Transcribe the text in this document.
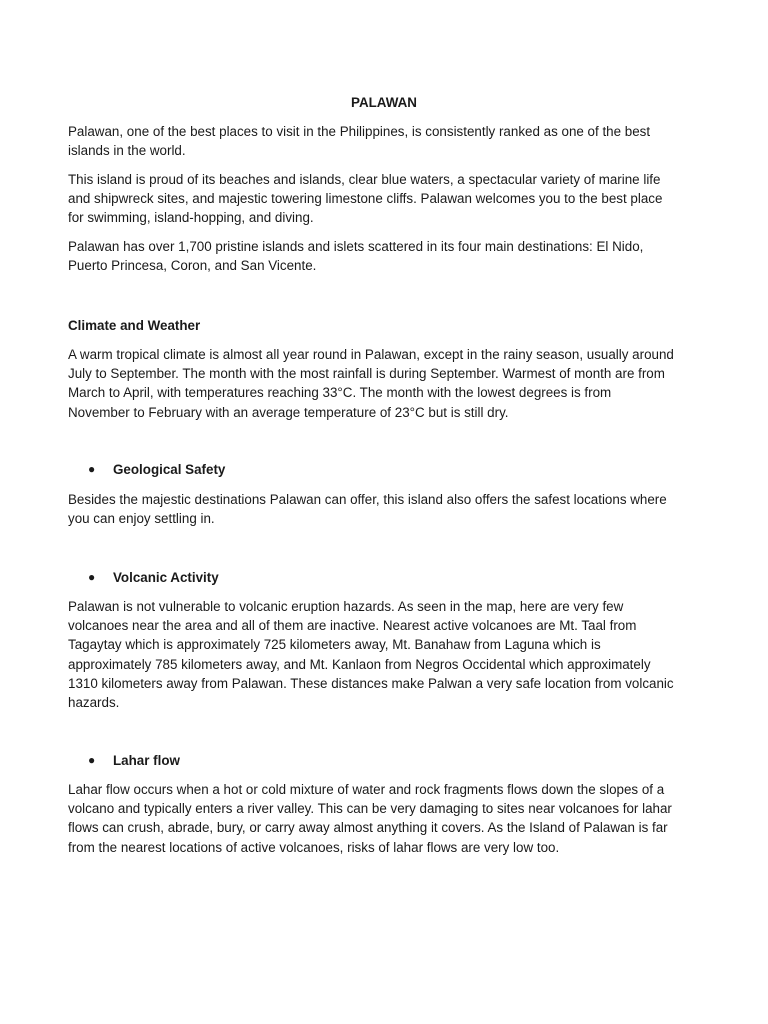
PALAWAN

Palawan, one of the best places to visit in the Philippines, is consistently ranked as one of the best
islands in the world.

This island is proud of its beaches and islands, clear blue waters, a spectacular variety of marine life
and shipwreck sites, and majestic towering limestone cliffs. Palawan welcomes you to the best place
for swimming, island-hopping, and diving.

Palawan has over 1,700 pristine islands and islets scattered in its four main destinations: El Nido,
Puerto Princesa, Coron, and San Vicente.

Climate and Weather

A warm tropical climate is almost all year round in Palawan, except in the rainy season, usually around
July to September. The month with the most rainfall is during September. Warmest of month are from
March to April, with temperatures reaching 33°C. The month with the lowest degrees is from
November to February with an average temperature of 23°C but is still dry.

● Geological Safety

Besides the majestic destinations Palawan can offer, this island also offers the safest locations where
you can enjoy settling in.

● Volcanic Activity

Palawan is not vulnerable to volcanic eruption hazards. As seen in the map, here are very few
volcanoes near the area and all of them are inactive. Nearest active volcanoes are Mt. Taal from
Tagaytay which is approximately 725 kilometers away, Mt. Banahaw from Laguna which is
approximately 785 kilometers away, and Mt. Kanlaon from Negros Occidental which approximately
1310 kilometers away from Palawan. These distances make Palwan a very safe location from volcanic
hazards.

● Lahar flow

Lahar flow occurs when a hot or cold mixture of water and rock fragments flows down the slopes of a
volcano and typically enters a river valley. This can be very damaging to sites near volcanoes for lahar
flows can crush, abrade, bury, or carry away almost anything it covers. As the Island of Palawan is far
from the nearest locations of active volcanoes, risks of lahar flows are very low too.
